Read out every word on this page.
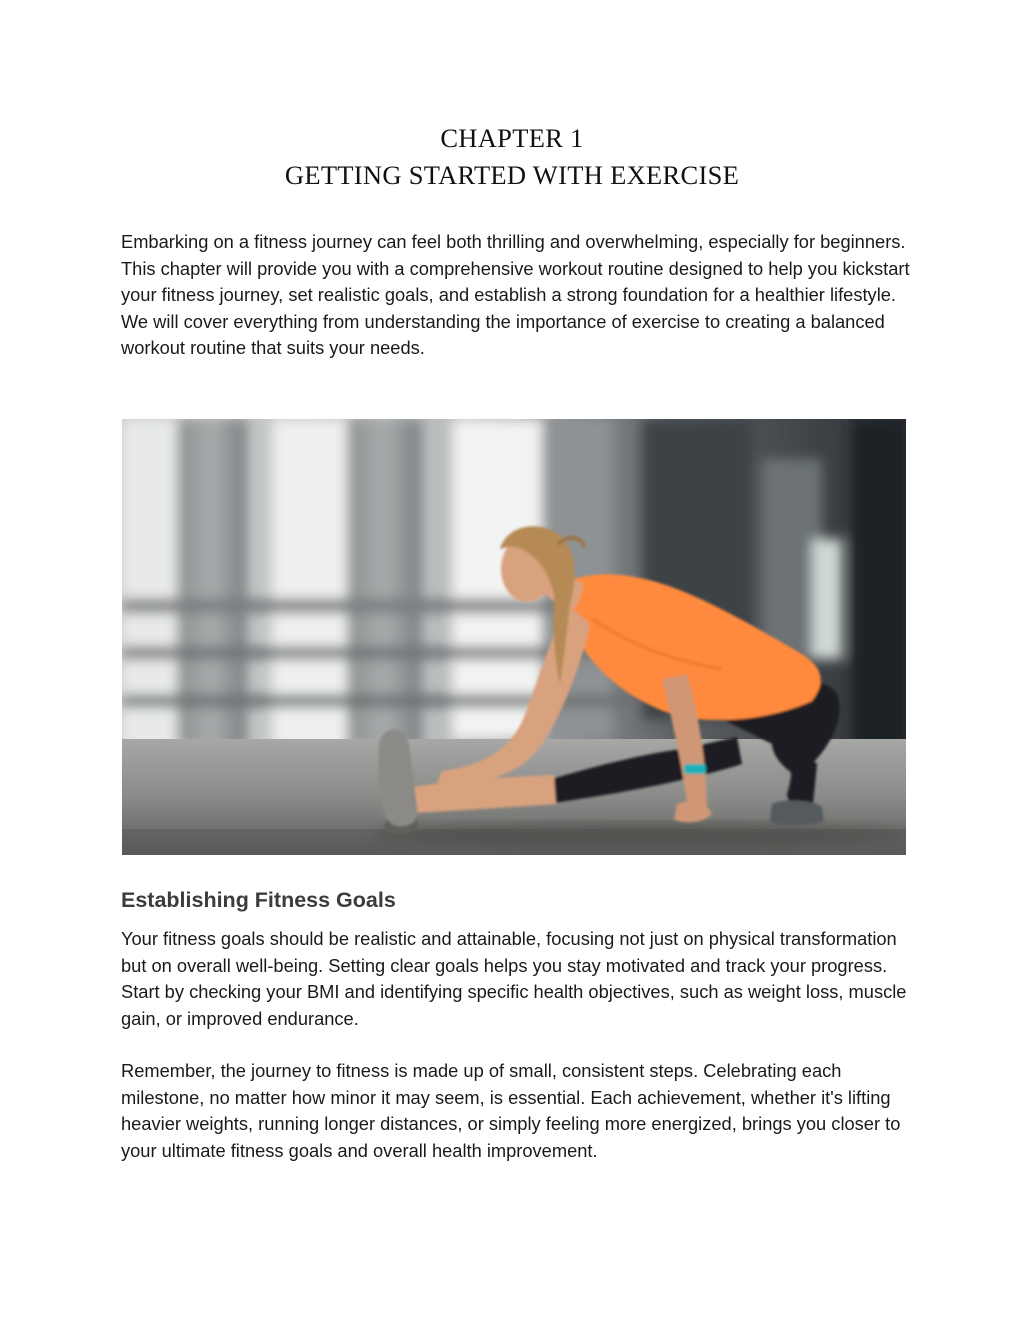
CHAPTER 1
GETTING STARTED WITH EXERCISE

Embarking on a fitness journey can feel both thrilling and overwhelming, especially for beginners. This chapter will provide you with a comprehensive workout routine designed to help you kickstart your fitness journey, set realistic goals, and establish a strong foundation for a healthier lifestyle. We will cover everything from understanding the importance of exercise to creating a balanced workout routine that suits your needs.

Establishing Fitness Goals

Your fitness goals should be realistic and attainable, focusing not just on physical transformation but on overall well-being. Setting clear goals helps you stay motivated and track your progress. Start by checking your BMI and identifying specific health objectives, such as weight loss, muscle gain, or improved endurance.

Remember, the journey to fitness is made up of small, consistent steps. Celebrating each milestone, no matter how minor it may seem, is essential. Each achievement, whether it's lifting heavier weights, running longer distances, or simply feeling more energized, brings you closer to your ultimate fitness goals and overall health improvement.
